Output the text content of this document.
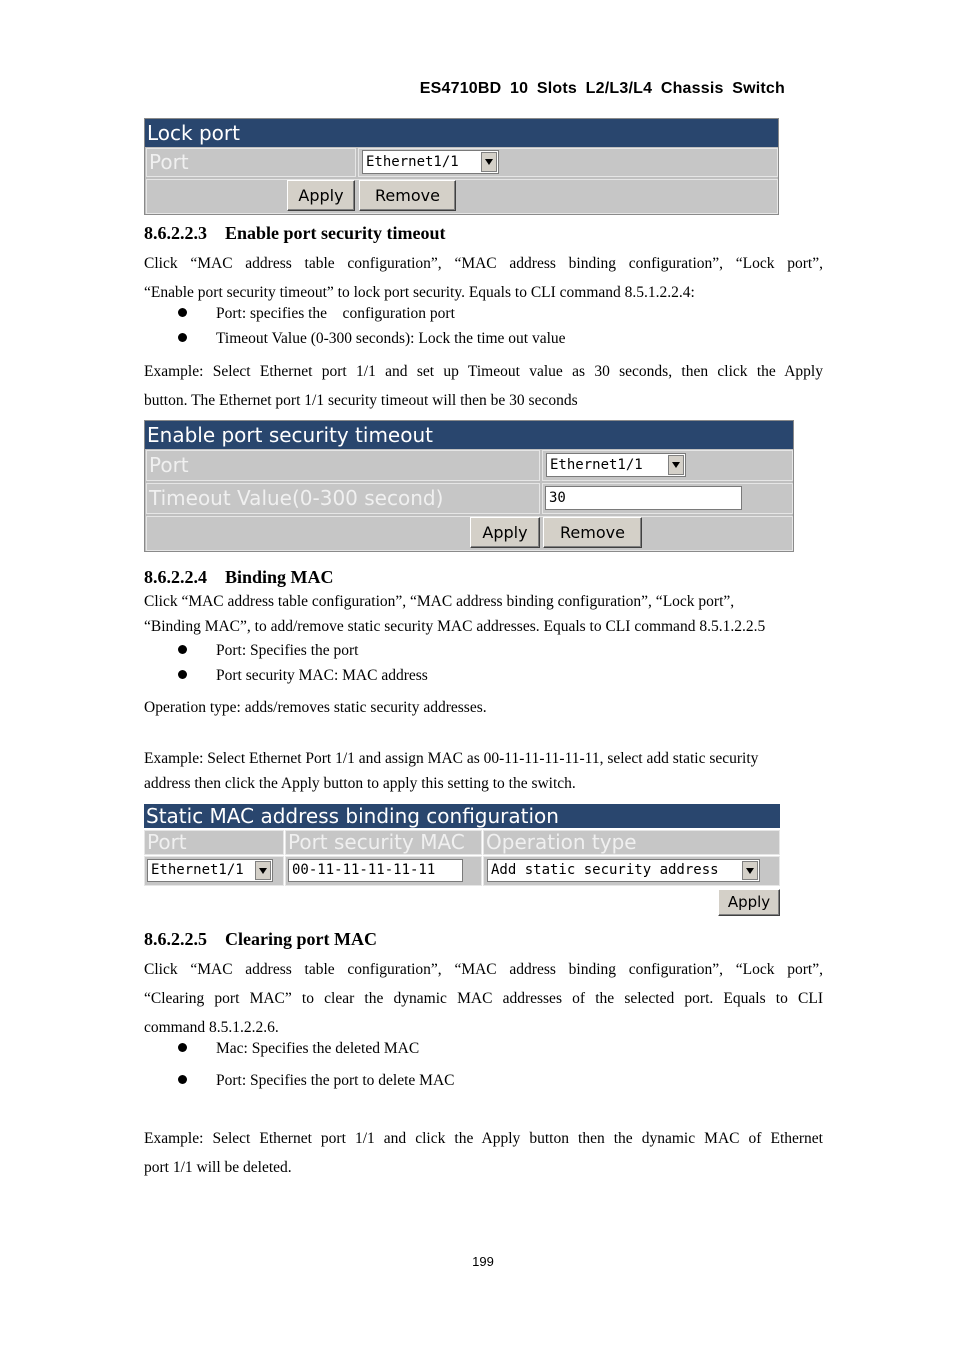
ES4710BD 10 Slots L2/L3/L4 Chassis Switch
Lock port
Port	Ethernet1/1
Apply	Remove
8.6.2.2.3 Enable port security timeout
Click “MAC address table configuration”, “MAC address binding configuration”, “Lock port”,
“Enable port security timeout” to lock port security. Equals to CLI command 8.5.1.2.2.4:
Port: specifies the    configuration port
Timeout Value (0-300 seconds): Lock the time out value
Example: Select Ethernet port 1/1 and set up Timeout value as 30 seconds, then click the Apply
button. The Ethernet port 1/1 security timeout will then be 30 seconds
Enable port security timeout
Port	Ethernet1/1
Timeout Value(0-300 second)	30
Apply	Remove
8.6.2.2.4 Binding MAC
Click “MAC address table configuration”, “MAC address binding configuration”, “Lock port”,
“Binding MAC”, to add/remove static security MAC addresses. Equals to CLI command 8.5.1.2.2.5
Port: Specifies the port
Port security MAC: MAC address
Operation type: adds/removes static security addresses.
Example: Select Ethernet Port 1/1 and assign MAC as 00-11-11-11-11-11, select add static security
address then click the Apply button to apply this setting to the switch.
Static MAC address binding configuration
Port	Port security MAC	Operation type
Ethernet1/1	00-11-11-11-11-11	Add static security address
Apply
8.6.2.2.5 Clearing port MAC
Click “MAC address table configuration”, “MAC address binding configuration”, “Lock port”,
“Clearing port MAC” to clear the dynamic MAC addresses of the selected port. Equals to CLI
command 8.5.1.2.2.6.
Mac: Specifies the deleted MAC
Port: Specifies the port to delete MAC
Example: Select Ethernet port 1/1 and click the Apply button then the dynamic MAC of Ethernet
port 1/1 will be deleted.
199
